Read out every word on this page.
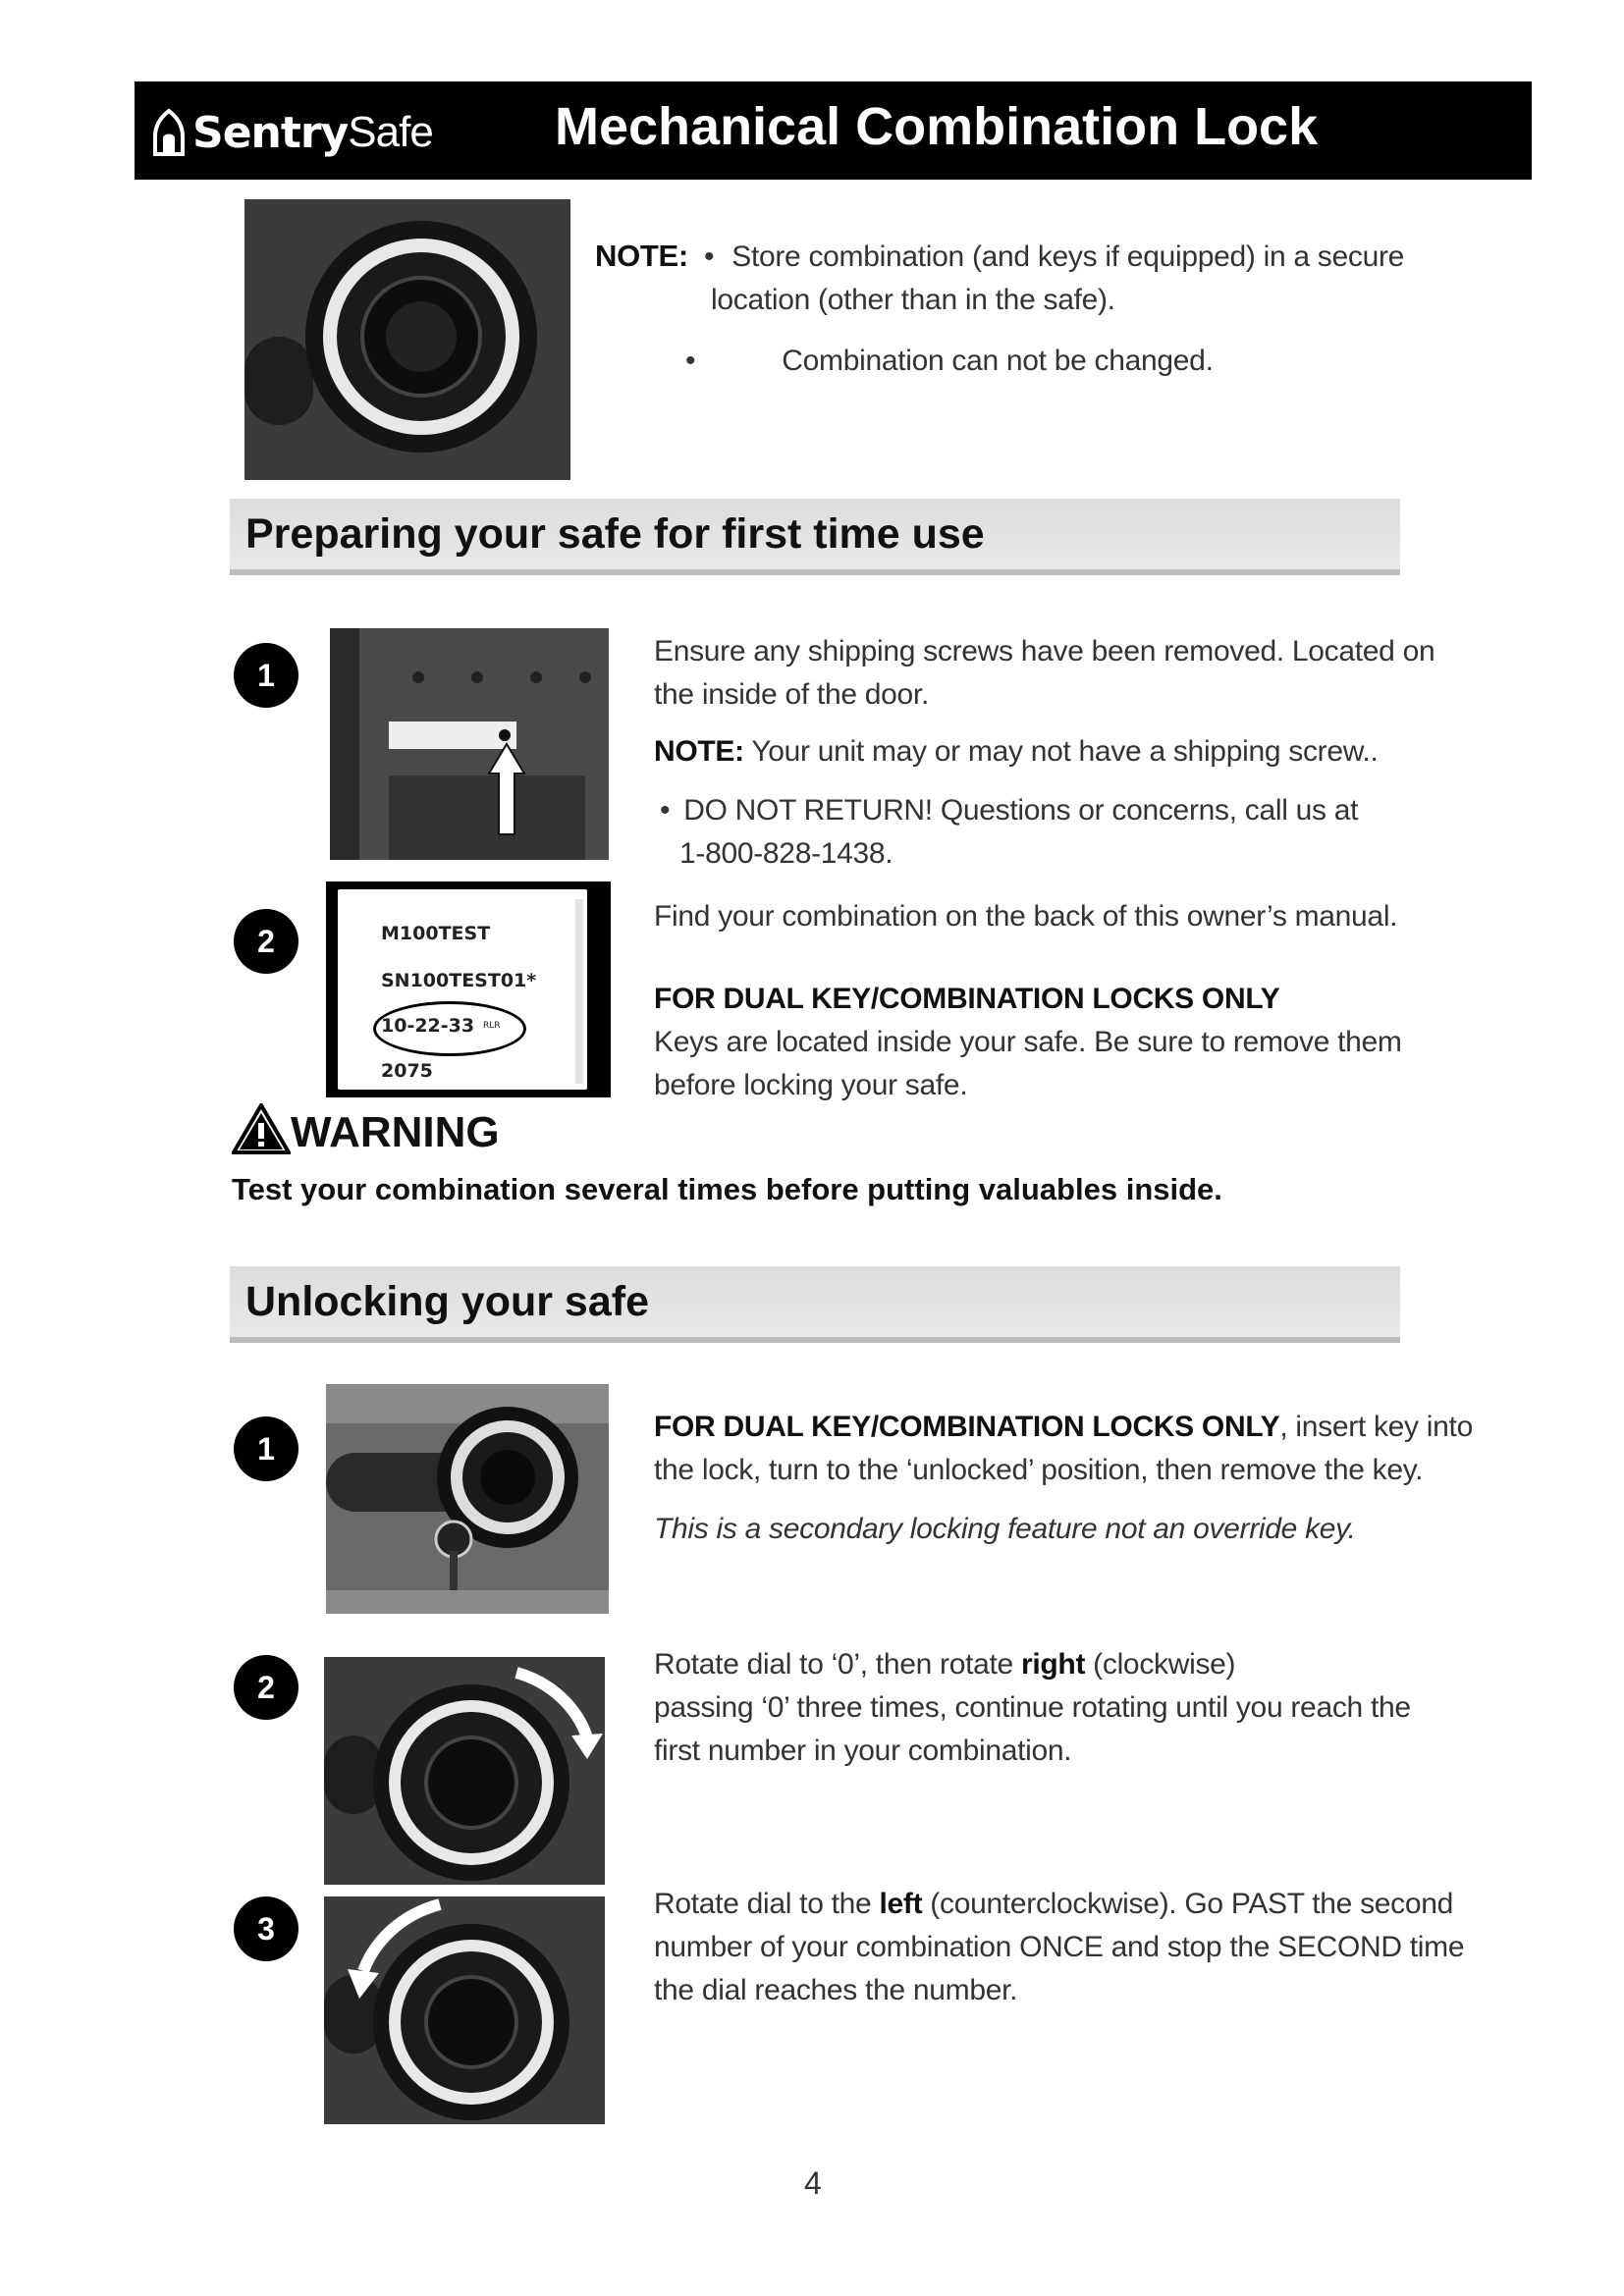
Sentry Safe Mechanical Combination Lock
NOTE: • Store combination (and keys if equipped) in a secure
location (other than in the safe).
•	Combination can not be changed.
Preparing your safe for first time use
1
Ensure any shipping screws have been removed. Located on
the inside of the door.
NOTE: Your unit may or may not have a shipping screw..
• DO NOT RETURN! Questions or concerns, call us at
1-800-828-1438.
2	M100TEST
SN100TEST01*
10-22-33 RLR
2075
Find your combination on the back of this owner’s manual.
FOR DUAL KEY/COMBINATION LOCKS ONLY
Keys are located inside your safe. Be sure to remove them
before locking your safe.
WARNING
Test your combination several times before putting valuables inside.
Unlocking your safe
1
FOR DUAL KEY/COMBINATION LOCKS ONLY, insert key into
the lock, turn to the ‘unlocked’ position, then remove the key.
This is a secondary locking feature not an override key.
2
Rotate dial to ‘0’, then rotate right (clockwise)
passing ‘0’ three times, continue rotating until you reach the
first number in your combination.
3
Rotate dial to the left (counterclockwise). Go PAST the second
number of your combination ONCE and stop the SECOND time
the dial reaches the number.
4
